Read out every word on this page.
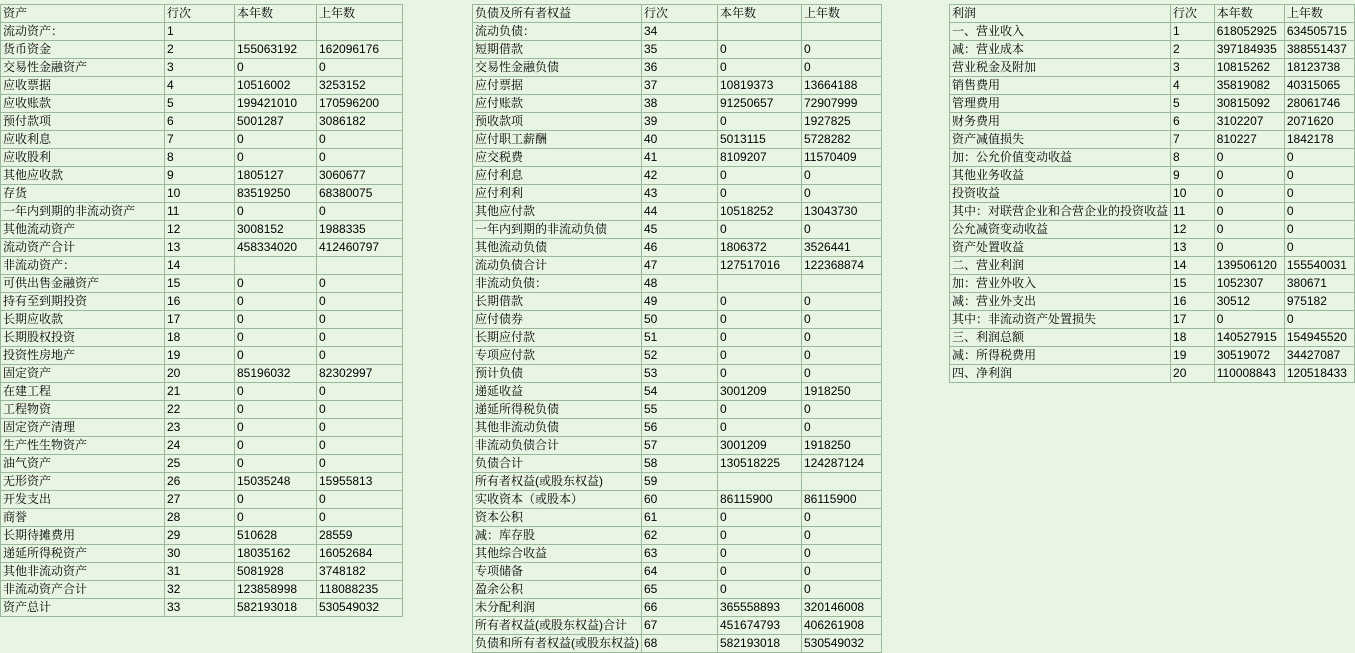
资产	行次	本年数	上年数
流动资产：	1		
货币资金	2	155063192	162096176
交易性金融资产	3	0	0
应收票据	4	10516002	3253152
应收账款	5	199421010	170596200
预付款项	6	5001287	3086182
应收利息	7	0	0
应收股利	8	0	0
其他应收款	9	1805127	3060677
存货	10	83519250	68380075
一年内到期的非流动资产	11	0	0
其他流动资产	12	3008152	1988335
流动资产合计	13	458334020	412460797
非流动资产：	14		
可供出售金融资产	15	0	0
持有至到期投资	16	0	0
长期应收款	17	0	0
长期股权投资	18	0	0
投资性房地产	19	0	0
固定资产	20	85196032	82302997
在建工程	21	0	0
工程物资	22	0	0
固定资产清理	23	0	0
生产性生物资产	24	0	0
油气资产	25	0	0
无形资产	26	15035248	15955813
开发支出	27	0	0
商誉	28	0	0
长期待摊费用	29	510628	28559
递延所得税资产	30	18035162	16052684
其他非流动资产	31	5081928	3748182
非流动资产合计	32	123858998	118088235
资产总计	33	582193018	530549032
负债及所有者权益	行次	本年数	上年数
流动负债：	34		
短期借款	35	0	0
交易性金融负债	36	0	0
应付票据	37	10819373	13664188
应付账款	38	91250657	72907999
预收款项	39	0	1927825
应付职工薪酬	40	5013115	5728282
应交税费	41	8109207	11570409
应付利息	42	0	0
应付利利	43	0	0
其他应付款	44	10518252	13043730
一年内到期的非流动负债	45	0	0
其他流动负债	46	1806372	3526441
流动负债合计	47	127517016	122368874
非流动负债：	48		
长期借款	49	0	0
应付债券	50	0	0
长期应付款	51	0	0
专项应付款	52	0	0
预计负债	53	0	0
递延收益	54	3001209	1918250
递延所得税负债	55	0	0
其他非流动负债	56	0	0
非流动负债合计	57	3001209	1918250
负债合计	58	130518225	124287124
所有者权益(或股东权益)	59		
实收资本（或股本）	60	86115900	86115900
资本公积	61	0	0
减：库存股	62	0	0
其他综合收益	63	0	0
专项储备	64	0	0
盈余公积	65	0	0
未分配利润	66	365558893	320146008
所有者权益(或股东权益)合计	67	451674793	406261908
负债和所有者权益(或股东权益)	68	582193018	530549032
利润	行次	本年数	上年数
一、营业收入	1	618052925	634505715
减：营业成本	2	397184935	388551437
营业税金及附加	3	10815262	18123738
销售费用	4	35819082	40315065
管理费用	5	30815092	28061746
财务费用	6	3102207	2071620
资产减值损失	7	810227	1842178
加：公允价值变动收益	8	0	0
其他业务收益	9	0	0
投资收益	10	0	0
其中：对联营企业和合营企业的投资收益	11	0	0
公允减资变动收益	12	0	0
资产处置收益	13	0	0
二、营业利润	14	139506120	155540031
加：营业外收入	15	1052307	380671
减：营业外支出	16	30512	975182
其中：非流动资产处置损失	17	0	0
三、利润总额	18	140527915	154945520
减：所得税费用	19	30519072	34427087
四、净利润	20	110008843	120518433
